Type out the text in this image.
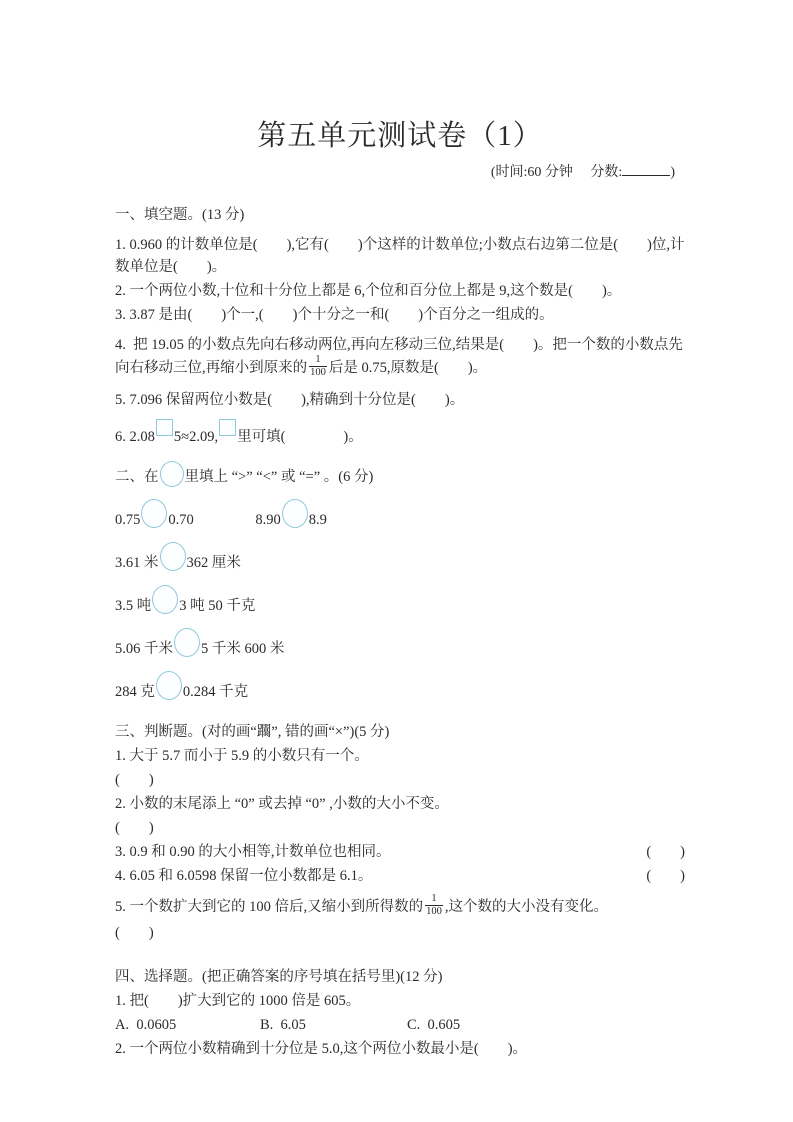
第五单元测试卷（1）
(时间:60 分钟　 分数:	)

一、填空题。(13 分)

1. 0.960 的计数单位是(        ),它有(        )个这样的计数单位;小数点右边第二位是(        )位,计数单位是(        )。

2. 一个两位小数,十位和十分位上都是 6,个位和百分位上都是 9,这个数是(        )。

3. 3.87 是由(        )个一,(        )个十分之一和(        )个百分之一组成的。

4.  把 19.05 的小数点先向右移动两位,再向左移动三位,结果是(        )。把一个数的小数点先向右移动三位,再缩小到原来的 $\frac{1}{100}$ 后是 0.75,原数是(        )。

5. 7.096 保留两位小数是(        ),精确到十分位是(        )。

6. 2.08 5≈2.09, 里可填(                )。

二、在 里填上 “>” “<” 或 “=” 。(6 分)

0.75 0.70	8.90 8.9

3.61 米 362 厘米

3.5 吨 3 吨 50 千克

5.06 千米 5 千米 600 米

284 克 0.284 千克

三、判断题。(对的画“躢”, 错的画“×”)(5 分)

1. 大于 5.7 而小于 5.9 的小数只有一个。

(        )

2. 小数的末尾添上 “0” 或去掉 “0” ,小数的大小不变。

(        )

3. 0.9 和 0.90 的大小相等,计数单位也相同。	(        )

4. 6.05 和 6.0598 保留一位小数都是 6.1。	(        )

5. 一个数扩大到它的 100 倍后,又缩小到所得数的 $\frac{1}{100}$ ,这个数的大小没有变化。

(        )

四、选择题。(把正确答案的序号填在括号里)(12 分)

1. 把(        )扩大到它的 1000 倍是 605。

A.  0.0605	B.  6.05	C.  0.605

2. 一个两位小数精确到十分位是 5.0,这个两位小数最小是(        )。
